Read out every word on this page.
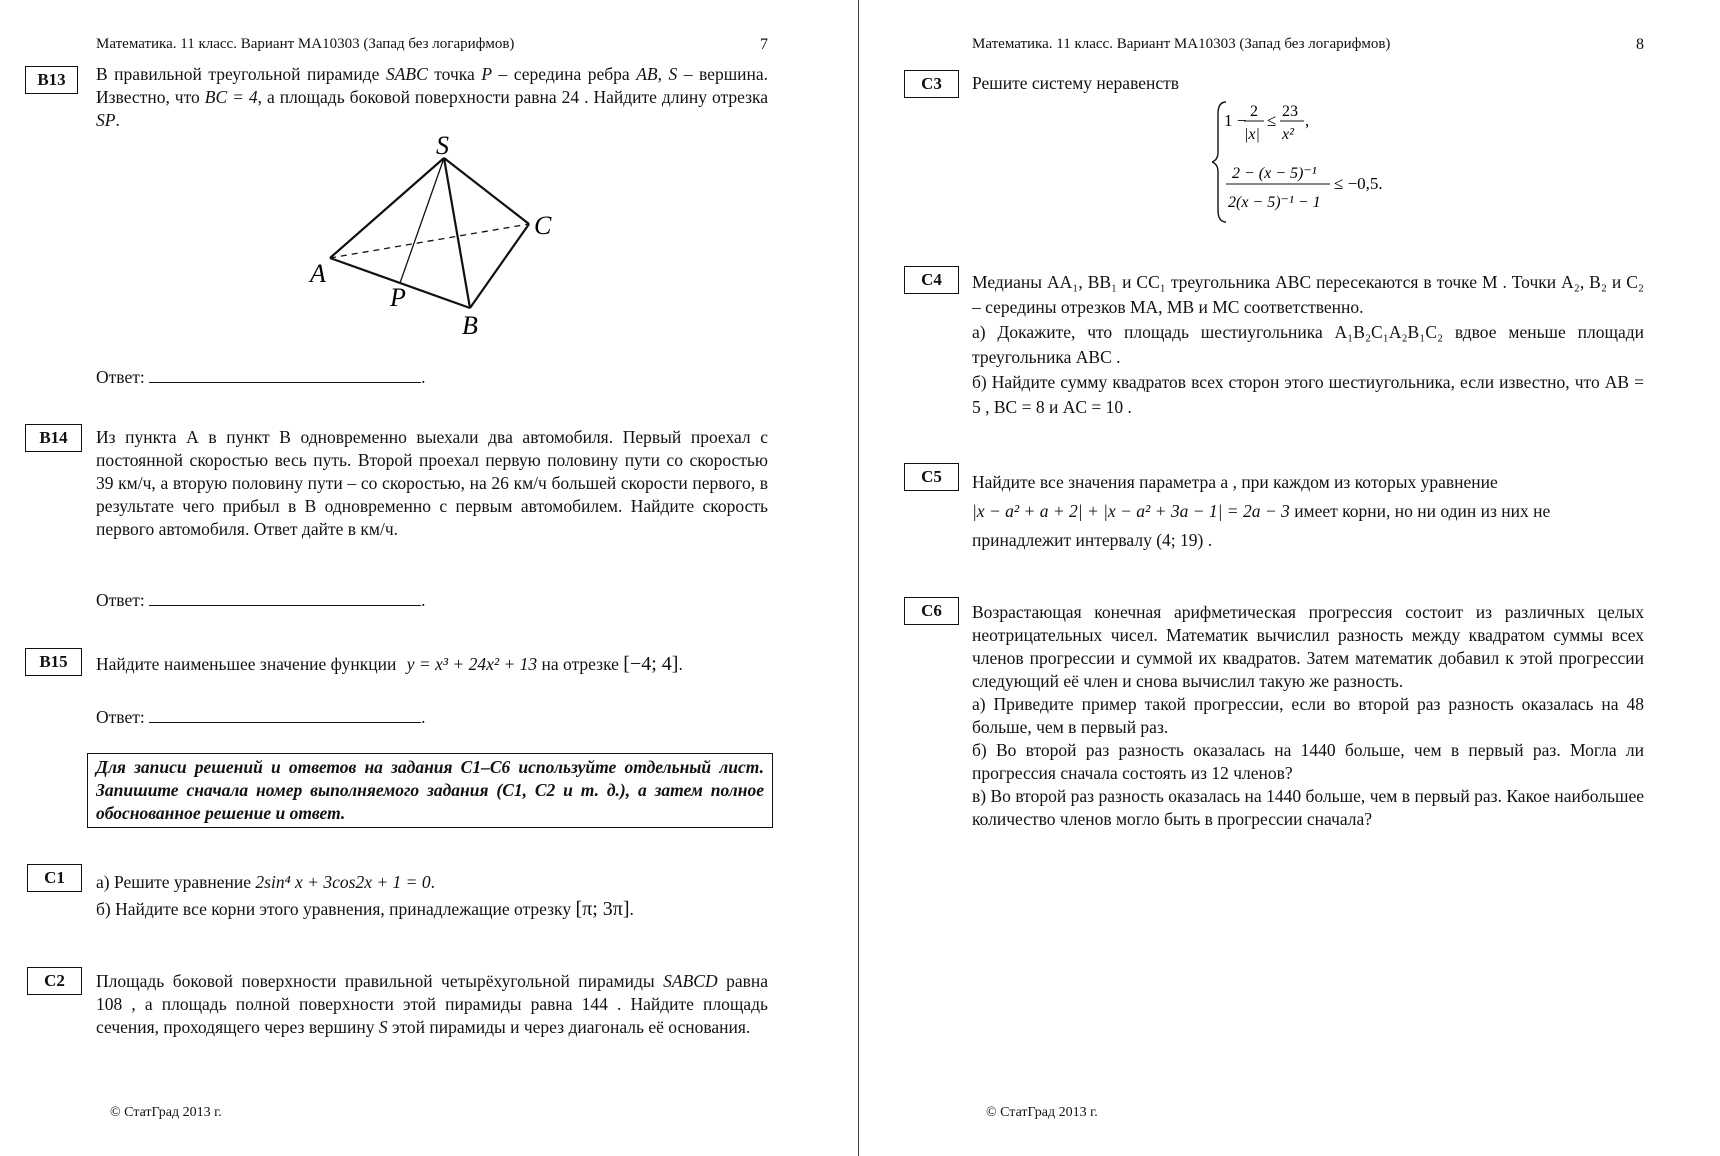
Математика. 11 класс. Вариант МА10303 (Запад без логарифмов)	7
B13	В правильной треугольной пирамиде SABC точка P – середина ребра AB, S – вершина. Известно, что BC = 4, а площадь боковой поверхности равна 24 . Найдите длину отрезка SP.
S
A
B
C
P
Ответ:	.
B14	Из пункта А в пункт В одновременно выехали два автомобиля. Первый проехал с постоянной скоростью весь путь. Второй проехал первую половину пути со скоростью 39 км/ч, а вторую половину пути – со скоростью, на 26 км/ч большей скорости первого, в результате чего прибыл в В одновременно с первым автомобилем. Найдите скорость первого автомобиля. Ответ дайте в км/ч.
Ответ:	.
B15	Найдите наименьшее значение функции y = x³ + 24x² + 13 на отрезке [−4; 4].
Ответ:	.
Для записи решений и ответов на задания С1–С6 используйте отдельный лист. Запишите сначала номер выполняемого задания (С1, С2 и т. д.), а затем полное обоснованное решение и ответ.
C1	а) Решите уравнение 2sin⁴ x + 3cos2x + 1 = 0.

б) Найдите все корни этого уравнения, принадлежащие отрезку [π; 3π].

C2	Площадь боковой поверхности правильной четырёхугольной пирамиды SABCD равна 108 , а площадь полной поверхности этой пирамиды равна 144 . Найдите площадь сечения, проходящего через вершину S этой пирамиды и через диагональ её основания.
© СтатГрад 2013 г.
Математика. 11 класс. Вариант МА10303 (Запад без логарифмов)	8
C3	Решите систему неравенств
1 − 2
|x|
≤ 23
x²
,
2 − (x − 5)⁻¹
2(x − 5)⁻¹ − 1
≤ −0,5.
C4	Медианы AA₁, BB₁ и CC₁ треугольника ABC пересекаются в точке M . Точки A₂, B₂ и C₂ – середины отрезков MA, MB и MC соответственно.

а) Докажите, что площадь шестиугольника A₁B₂C₁A₂B₁C₂ вдвое меньше площади треугольника ABC .

б) Найдите сумму квадратов всех сторон этого шестиугольника, если известно, что AB = 5 , BC = 8 и AC = 10 .

C5	Найдите все значения параметра a , при каждом из которых уравнение

|x − a² + a + 2| + |x − a² + 3a − 1| = 2a − 3 имеет корни, но ни один из них не

принадлежит интервалу (4; 19) .

C6	Возрастающая конечная арифметическая прогрессия состоит из различных целых неотрицательных чисел. Математик вычислил разность между квадратом суммы всех членов прогрессии и суммой их квадратов. Затем математик добавил к этой прогрессии следующий её член и снова вычислил такую же разность.

а) Приведите пример такой прогрессии, если во второй раз разность оказалась на 48 больше, чем в первый раз.

б) Во второй раз разность оказалась на 1440 больше, чем в первый раз. Могла ли прогрессия сначала состоять из 12 членов?

в) Во второй раз разность оказалась на 1440 больше, чем в первый раз. Какое наибольшее количество членов могло быть в прогрессии сначала?

© СтатГрад 2013 г.
